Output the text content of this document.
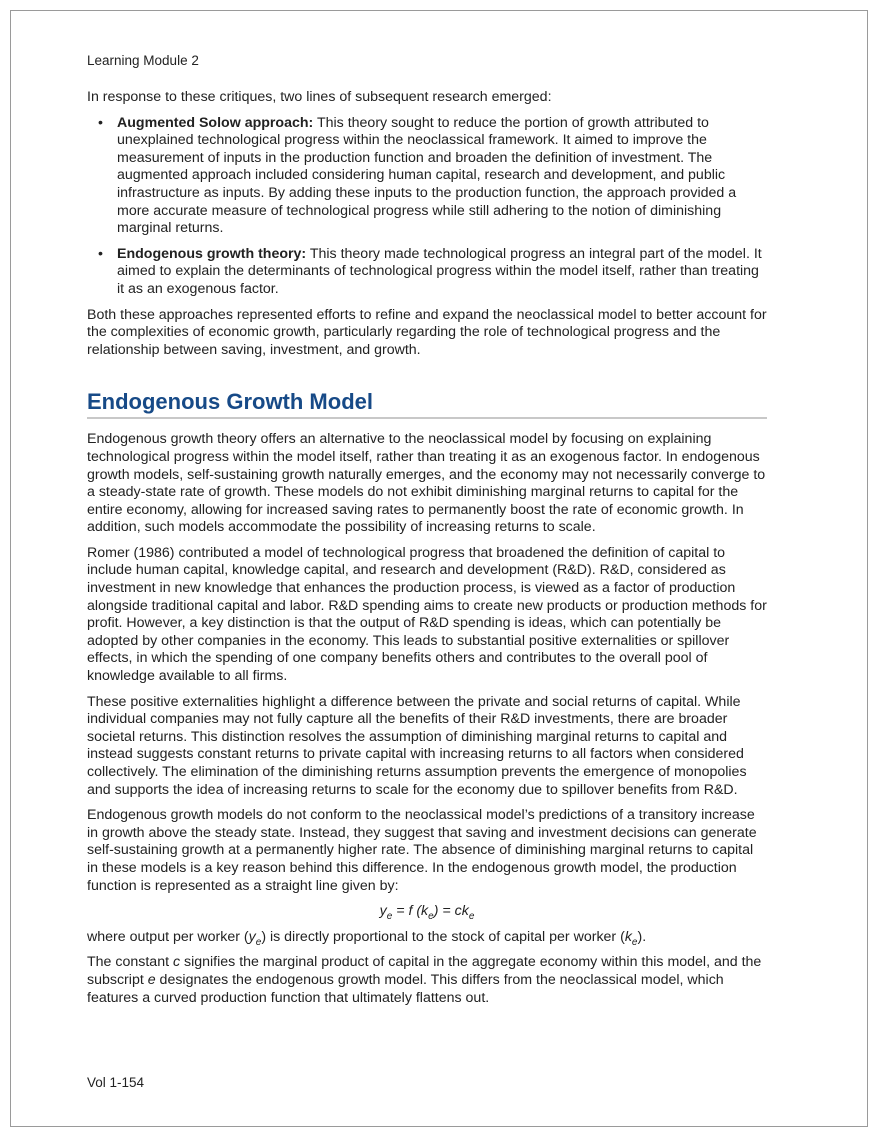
Learning Module 2

In response to these critiques, two lines of subsequent research emerged:

• Augmented Solow approach: This theory sought to reduce the portion of growth attributed to unexplained technological progress within the neoclassical framework. It aimed to improve the measurement of inputs in the production function and broaden the definition of investment. The augmented approach included considering human capital, research and development, and public infrastructure as inputs. By adding these inputs to the production function, the approach provided a more accurate measure of technological progress while still adhering to the notion of diminishing marginal returns.
• Endogenous growth theory: This theory made technological progress an integral part of the model. It aimed to explain the determinants of technological progress within the model itself, rather than treating it as an exogenous factor.

Both these approaches represented efforts to refine and expand the neoclassical model to better account for the complexities of economic growth, particularly regarding the role of technological progress and the relationship between saving, investment, and growth.

Endogenous Growth Model

Endogenous growth theory offers an alternative to the neoclassical model by focusing on explaining technological progress within the model itself, rather than treating it as an exogenous factor. In endogenous growth models, self-sustaining growth naturally emerges, and the economy may not necessarily converge to a steady-state rate of growth. These models do not exhibit diminishing marginal returns to capital for the entire economy, allowing for increased saving rates to permanently boost the rate of economic growth. In addition, such models accommodate the possibility of increasing returns to scale.

Romer (1986) contributed a model of technological progress that broadened the definition of capital to include human capital, knowledge capital, and research and development (R&D). R&D, considered as investment in new knowledge that enhances the production process, is viewed as a factor of production alongside traditional capital and labor. R&D spending aims to create new products or production methods for profit. However, a key distinction is that the output of R&D spending is ideas, which can potentially be adopted by other companies in the economy. This leads to substantial positive externalities or spillover effects, in which the spending of one company benefits others and contributes to the overall pool of knowledge available to all firms.

These positive externalities highlight a difference between the private and social returns of capital. While individual companies may not fully capture all the benefits of their R&D investments, there are broader societal returns. This distinction resolves the assumption of diminishing marginal returns to capital and instead suggests constant returns to private capital with increasing returns to all factors when considered collectively. The elimination of the diminishing returns assumption prevents the emergence of monopolies and supports the idea of increasing returns to scale for the economy due to spillover benefits from R&D.

Endogenous growth models do not conform to the neoclassical model’s predictions of a transitory increase in growth above the steady state. Instead, they suggest that saving and investment decisions can generate self-sustaining growth at a permanently higher rate. The absence of diminishing marginal returns to capital in these models is a key reason behind this difference. In the endogenous growth model, the production function is represented as a straight line given by:

$y_e = f$ $(k_e) = ck_e$

where output per worker $(y_e)$ is directly proportional to the stock of capital per worker $(k_e)$.

The constant c signifies the marginal product of capital in the aggregate economy within this model, and the subscript e designates the endogenous growth model. This differs from the neoclassical model, which features a curved production function that ultimately flattens out.

Vol 1-154
